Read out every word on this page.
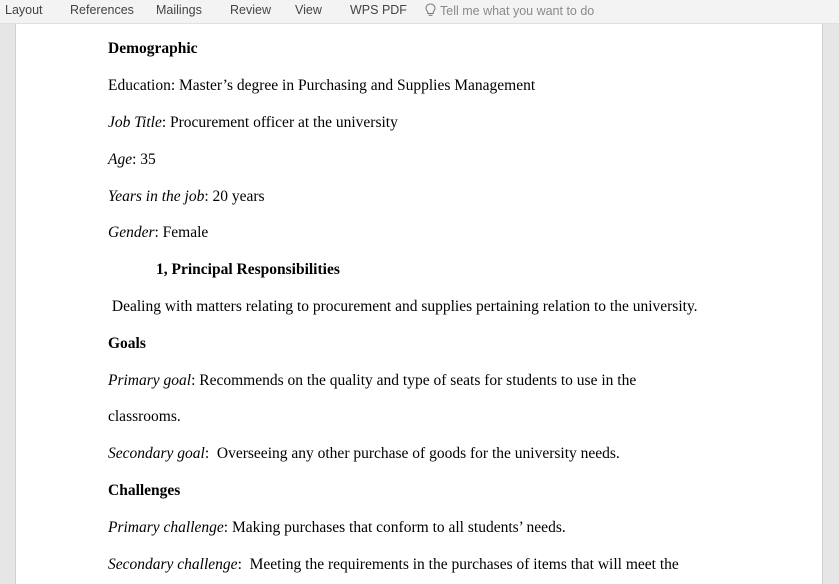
Layout References Mailings Review View WPS PDF	Tell me what you want to do
Demographic
Education: Master’s degree in Purchasing and Supplies Management
Job Title: Procurement officer at the university
Age: 35
Years in the job: 20 years
Gender: Female
1, Principal Responsibilities
Dealing with matters relating to procurement and supplies pertaining relation to the university.
Goals
Primary goal: Recommends on the quality and type of seats for students to use in the
classrooms.
Secondary goal:  Overseeing any other purchase of goods for the university needs.
Challenges
Primary challenge: Making purchases that conform to all students’ needs.
Secondary challenge:  Meeting the requirements in the purchases of items that will meet the
